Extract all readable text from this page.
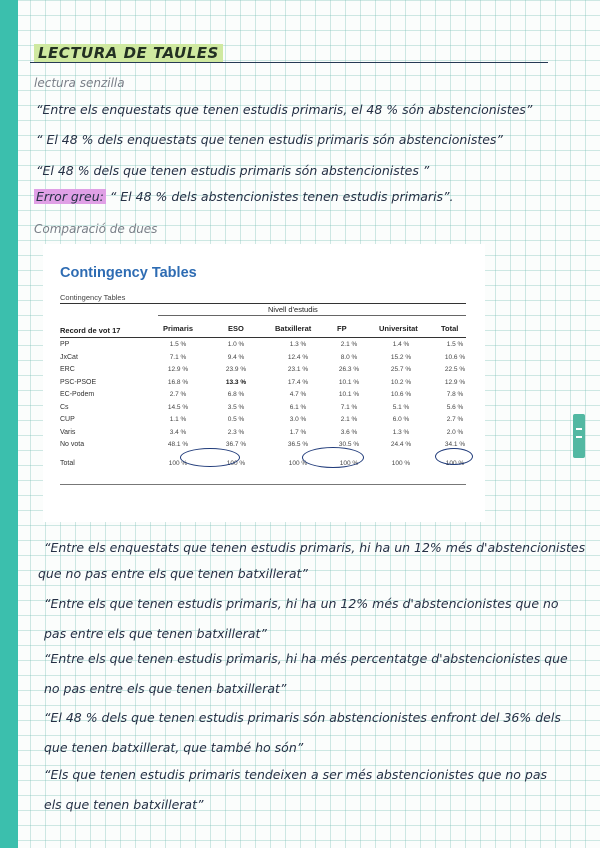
LECTURA DE TAULES
lectura senzilla
“Entre els enquestats que tenen estudis primaris, el 48 % són abstencionistes”
“ El 48 % dels enquestats que tenen estudis primaris són abstencionistes”
“El 48 % dels que tenen estudis primaris són abstencionistes ”
Error greu: “ El 48 % dels abstencionistes tenen estudis primaris”.
Comparació de dues
Contingency Tables
Contingency Tables
Nivell d'estudis
Record de vot 17	Primaris	ESO	Batxillerat	FP	Universitat	Total
PP	1.5 %	1.0 %	1.3 %	2.1 %	1.4 %	1.5 %
JxCat	7.1 %	9.4 %	12.4 %	8.0 %	15.2 %	10.6 %
ERC	12.9 %	23.9 %	23.1 %	26.3 %	25.7 %	22.5 %
PSC-PSOE	16.8 %	13.3 %	17.4 %	10.1 %	10.2 %	12.9 %
EC-Podem	2.7 %	6.8 %	4.7 %	10.1 %	10.6 %	7.8 %
Cs	14.5 %	3.5 %	6.1 %	7.1 %	5.1 %	5.6 %
CUP	1.1 %	0.5 %	3.0 %	2.1 %	6.0 %	2.7 %
Varis	3.4 %	2.3 %	1.7 %	3.6 %	1.3 %	2.0 %
No vota	48.1 %	36.7 %	36.5 %	30.5 %	24.4 %	34.1 %
Total	100 %	100 %	100 %	100 %	100 %	100 %
“Entre els enquestats que tenen estudis primaris, hi ha un 12% més d'abstencionistes
que no pas entre els que tenen batxillerat”
“Entre els que tenen estudis primaris, hi ha un 12% més d'abstencionistes que no
pas entre els que tenen batxillerat”
“Entre els que tenen estudis primaris, hi ha més percentatge d'abstencionistes que
no pas entre els que tenen batxillerat”
“El 48 % dels que tenen estudis primaris són abstencionistes enfront del 36% dels
que tenen batxillerat, que també ho són”
“Els que tenen estudis primaris tendeixen a ser més abstencionistes que no pas
els que tenen batxillerat”
